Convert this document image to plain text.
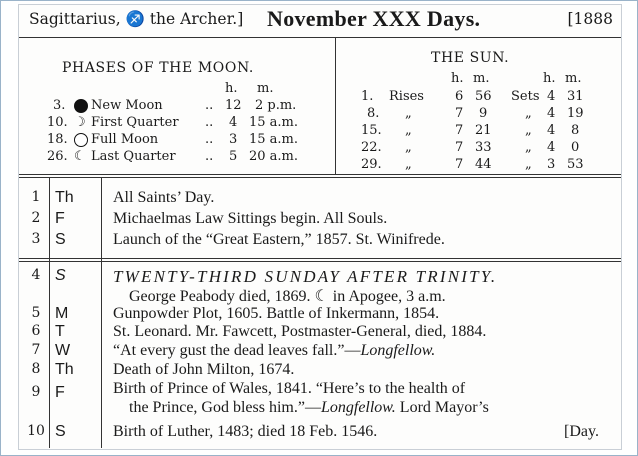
Sagittarius, ♐ the Archer.] November XXX Days.	[1888
PHASES OF THE MOON.
h. m.
3. New Moon	.. 12 2 p.m.
10. ☽ First Quarter .. 4 15 a.m.
18. Full Moon	.. 3 15 a.m.
26. ☾ Last Quarter .. 5 20 a.m.
THE SUN.
h. m.	h. m.
1. Rises 6 56 Sets 4 31
8. „	7 9	„ 4 19
15. „	7 21	„ 4 8
22. „	7 33	„ 4 0
29. „	7 44	„ 3 53
1 Th All Saints’ Day.
2 F	Michaelmas Law Sittings begin. All Souls.
3 S	Launch of the “Great Eastern,” 1857. St. Winifrede.
4 S	TWENTY-THIRD SUNDAY AFTER TRINITY.
George Peabody died, 1869. ☾ in Apogee, 3 a.m.
5 M	Gunpowder Plot, 1605. Battle of Inkermann, 1854.
6 T	St. Leonard. Mr. Fawcett, Postmaster-General, died, 1884.
7 W	“At every gust the dead leaves fall.”—Longfellow.
8 Th Death of John Milton, 1674.
9 F	Birth of Prince of Wales, 1841. “Here’s to the health of
the Prince, God bless him.”—Longfellow. Lord Mayor’s
10 S	Birth of Luther, 1483; died 18 Feb. 1546.	[Day.
